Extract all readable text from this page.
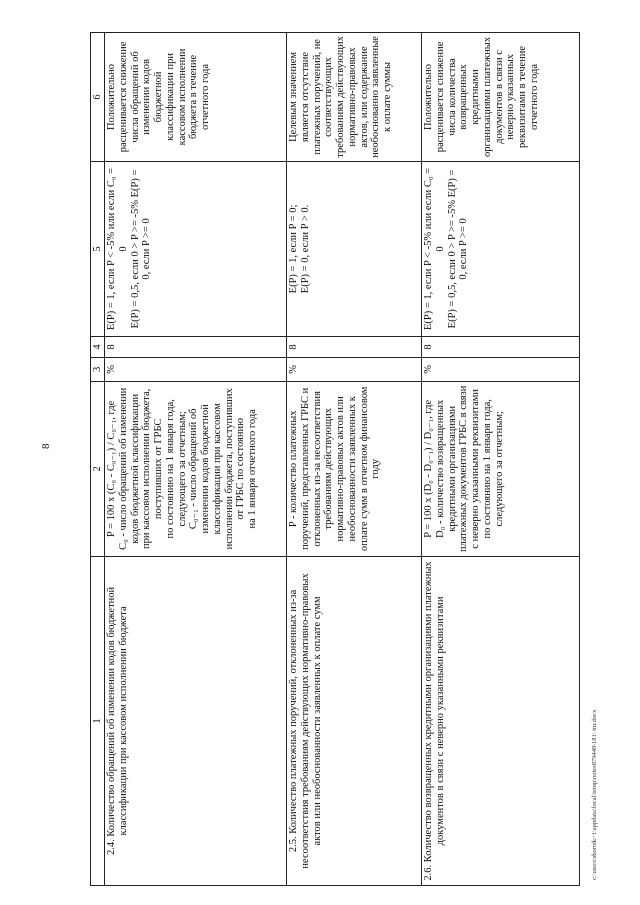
8
1	2	3	4	5	6
2.4. Количество обращений об изменении кодов бюджетной классификации при кассовом исполнении бюджета	P = 100 x (C₀ - C₀₋₁) / C₀₋₁, где C₀ - число обращений об изменении кодов бюджетной классификации при кассовом исполнении бюджета, поступивших от ГРБС по состоянию на 1 января года, следующего за отчетным; C₀₋₁ - число обращений об изменении кодов бюджетной классификации при кассовом исполнении бюджета, поступивших от ГРБС по состоянию на 1 января отчетного года	%	8	E(P) = 1, если P < -5% или если C₀ = 0 E(P) = 0,5, если 0 > P >= -5% E(P) = 0, если P >= 0	Положительно расценивается снижение числа обращений об изменении кодов бюджетной классификации при кассовом исполнении бюджета в течение отчетного года
2.5. Количество платежных поручений, отклоненных из-за несоответствия требованиям действующих нормативно-правовых актов или необоснованности заявленных к оплате сумм	P - количество платежных поручений, представленных ГРБС и отклоненных из-за несоответствия требованиям действующих нормативно-правовых актов или необоснованности заявленных к оплате сумм в отчетном финансовом году	%	8	E(P) = 1, если P = 0; E(P) = 0, если P > 0.	Целевым значением является отсутствие платежных поручений, не соответствующих требованиям действующих нормативно-правовых актов, или содержание необоснованно заявленные к оплате суммы
2.6. Количество возвращенных кредитными организациями платежных документов в связи с неверно указанными реквизитами	P = 100 x (D₀ - D₀₋₁) / D₀₋₁, где D₀ - количество возвращенных кредитными организациями платежных документов ГРБС в связи с неверно указанными реквизитами по состоянию на 1 января года, следующего за отчетным;	%	8	E(P) = 1, если P < -5% или если C₀ = 0 E(P) = 0,5, если 0 > P >= -5% E(P) = 0, если P >= 0	Положительно расценивается снижение числа количества возвращенных кредитными организациями платежных документов в связи с неверно указанных реквизитами в течение отчетного года
c:\users\sbornik~1\appdata\local\temp\notes879449\181\ tm.docx
